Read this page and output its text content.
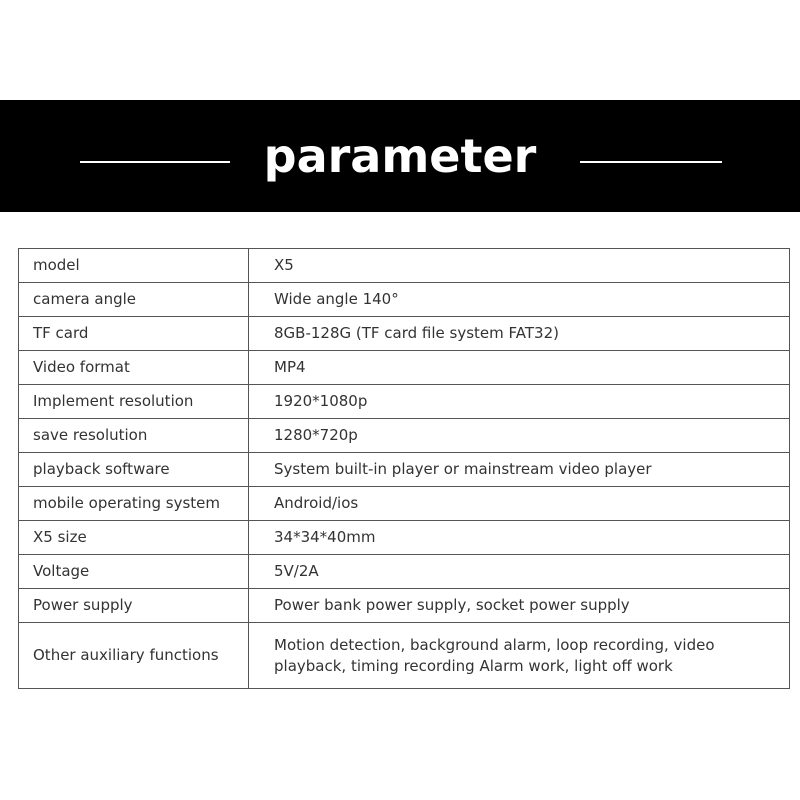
parameter
model	X5
camera angle	Wide angle 140°
TF card	8GB-128G (TF card file system FAT32)
Video format	MP4
Implement resolution	1920*1080p
save resolution	1280*720p
playback software	System built-in player or mainstream video player
mobile operating system	Android/ios
X5 size	34*34*40mm
Voltage	5V/2A
Power supply	Power bank power supply, socket power supply
Other auxiliary functions	Motion detection, background alarm, loop recording, video playback, timing recording Alarm work, light off work
